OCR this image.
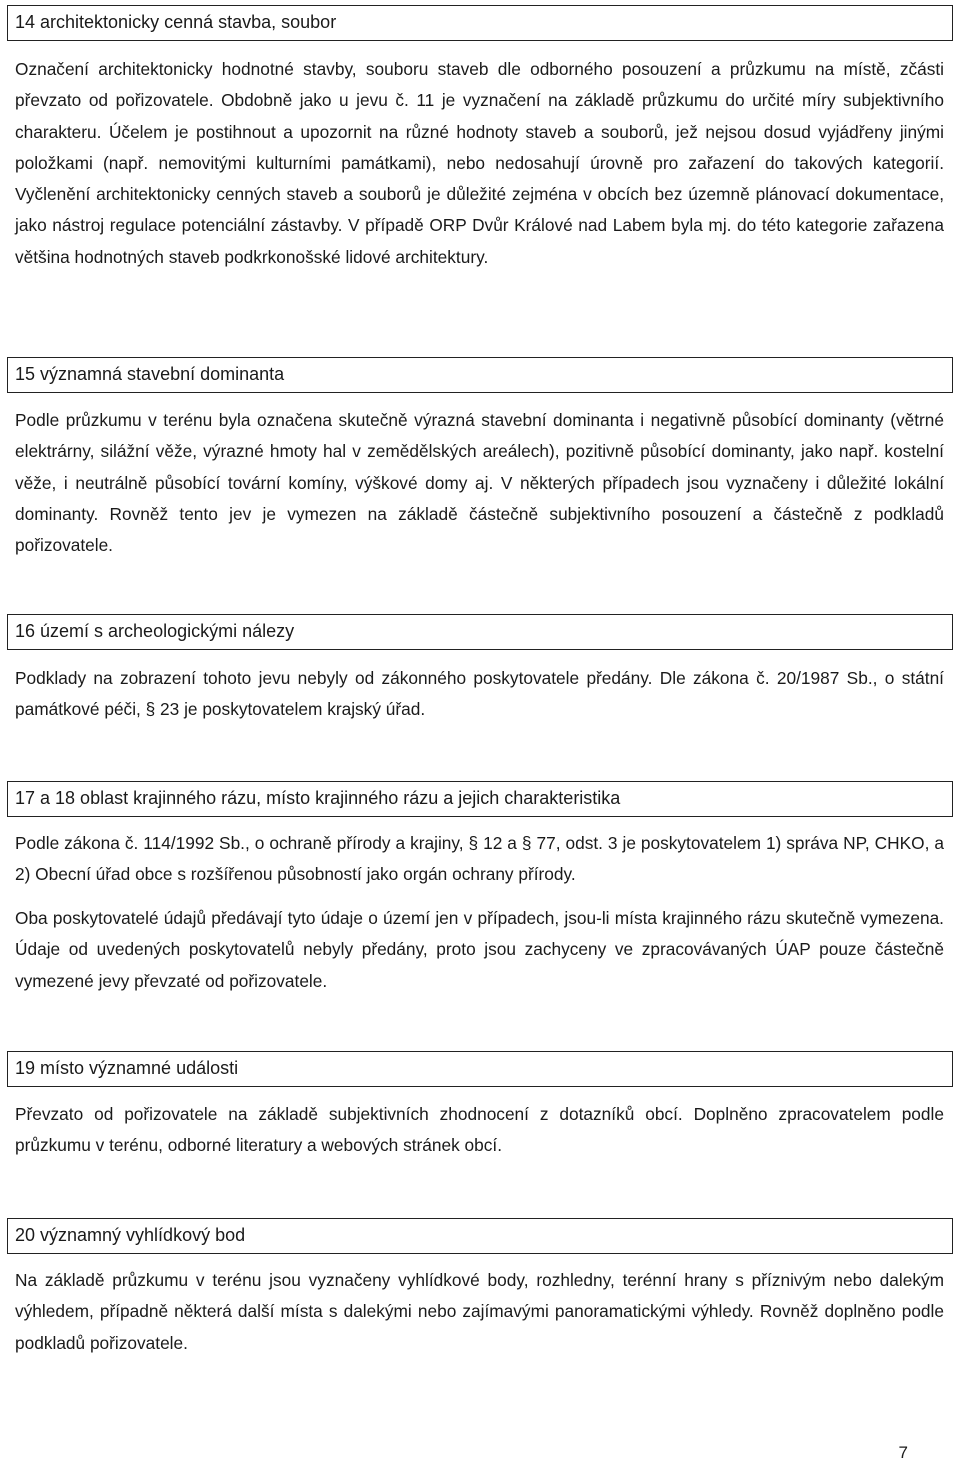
14 architektonicky cenná stavba, soubor

Označení architektonicky hodnotné stavby, souboru staveb dle odborného posouzení a průzkumu na místě, zčásti převzato od pořizovatele. Obdobně jako u jevu č. 11 je vyznačení na základě průzkumu do určité míry subjektivního charakteru. Účelem je postihnout a upozornit na různé hodnoty staveb a souborů, jež nejsou dosud vyjádřeny jinými položkami (např. nemovitými kulturními památkami), nebo nedosahují úrovně pro zařazení do takových kategorií. Vyčlenění architektonicky cenných staveb a souborů je důležité zejména v obcích bez územně plánovací dokumentace, jako nástroj regulace potenciální zástavby. V případě ORP Dvůr Králové nad Labem byla mj. do této kategorie zařazena většina hodnotných staveb podkrkonošské lidové architektury.

15 významná stavební dominanta

Podle průzkumu v terénu byla označena skutečně výrazná stavební dominanta i negativně působící dominanty (větrné elektrárny, silážní věže, výrazné hmoty hal v zemědělských areálech), pozitivně působící dominanty, jako např. kostelní věže, i neutrálně působící tovární komíny, výškové domy aj. V některých případech jsou vyznačeny i důležité lokální dominanty. Rovněž tento jev je vymezen na základě částečně subjektivního posouzení a částečně z podkladů pořizovatele.

16 území s archeologickými nálezy

Podklady na zobrazení tohoto jevu nebyly od zákonného poskytovatele předány. Dle zákona č. 20/1987 Sb., o státní památkové péči, § 23 je poskytovatelem krajský úřad.

17 a 18 oblast krajinného rázu, místo krajinného rázu a jejich charakteristika

Podle zákona č. 114/1992 Sb., o ochraně přírody a krajiny, § 12 a § 77, odst. 3 je poskytovatelem 1) správa NP, CHKO, a 2) Obecní úřad obce s rozšířenou působností jako orgán ochrany přírody.

Oba poskytovatelé údajů předávají tyto údaje o území jen v případech, jsou-li místa krajinného rázu skutečně vymezena. Údaje od uvedených poskytovatelů nebyly předány, proto jsou zachyceny ve zpracovávaných ÚAP pouze částečně vymezené jevy převzaté od pořizovatele.

19 místo významné události

Převzato od pořizovatele na základě subjektivních zhodnocení z dotazníků obcí. Doplněno zpracovatelem podle průzkumu v terénu, odborné literatury a webových stránek obcí.

20 významný vyhlídkový bod

Na základě průzkumu v terénu jsou vyznačeny vyhlídkové body, rozhledny, terénní hrany s příznivým nebo dalekým výhledem, případně některá další místa s dalekými nebo zajímavými panoramatickými výhledy. Rovněž doplněno podle podkladů pořizovatele.

7
